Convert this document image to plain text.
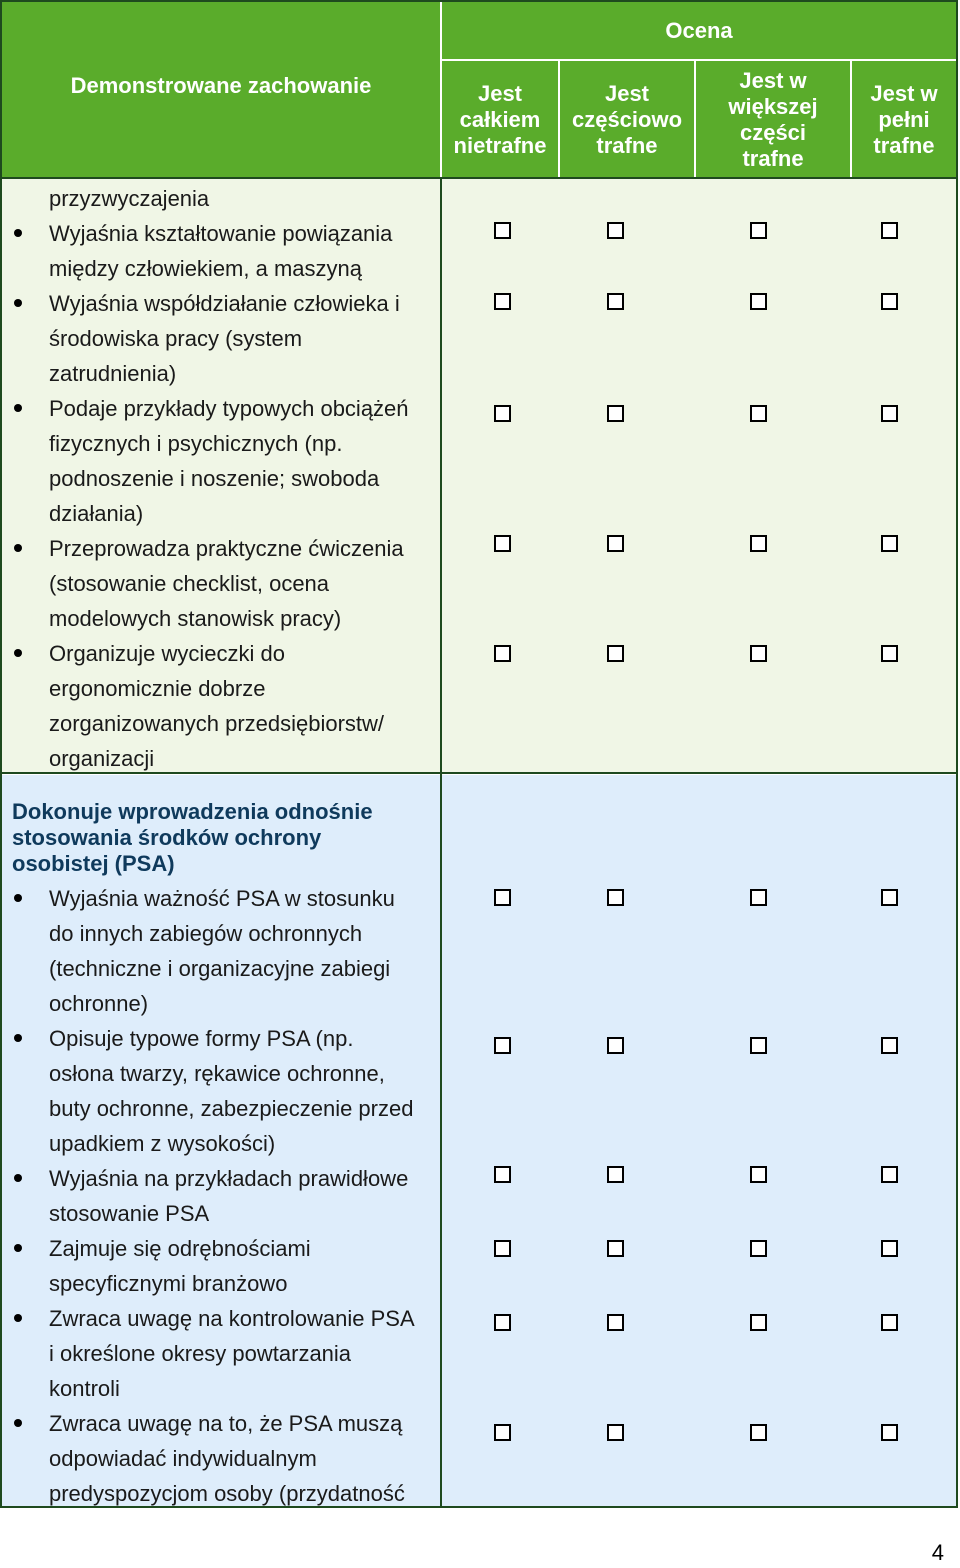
Demonstrowane zachowanie
Ocena
Jest
całkiem
nietrafne
Jest
częściowo
trafne
Jest w
większej
części
trafne
Jest w
pełni
trafne
przyzwyczajenia
Wyjaśnia kształtowanie powiązania
między człowiekiem, a maszyną
Wyjaśnia współdziałanie człowieka i
środowiska pracy (system
zatrudnienia)
Podaje przykłady typowych obciążeń
fizycznych i psychicznych (np.
podnoszenie i noszenie; swoboda
działania)
Przeprowadza praktyczne ćwiczenia
(stosowanie checklist, ocena
modelowych stanowisk pracy)
Organizuje wycieczki do
ergonomicznie dobrze
zorganizowanych przedsiębiorstw/
organizacji
Dokonuje wprowadzenia odnośnie
stosowania środków ochrony
osobistej (PSA)
Wyjaśnia ważność PSA w stosunku
do innych zabiegów ochronnych
(techniczne i organizacyjne zabiegi
ochronne)
Opisuje typowe formy PSA (np.
osłona twarzy, rękawice ochronne,
buty ochronne, zabezpieczenie przed
upadkiem z wysokości)
Wyjaśnia na przykładach prawidłowe
stosowanie PSA
Zajmuje się odrębnościami
specyficznymi branżowo
Zwraca uwagę na kontrolowanie PSA
i określone okresy powtarzania
kontroli
Zwraca uwagę na to, że PSA muszą
odpowiadać indywidualnym
predyspozycjom osoby (przydatność
4
